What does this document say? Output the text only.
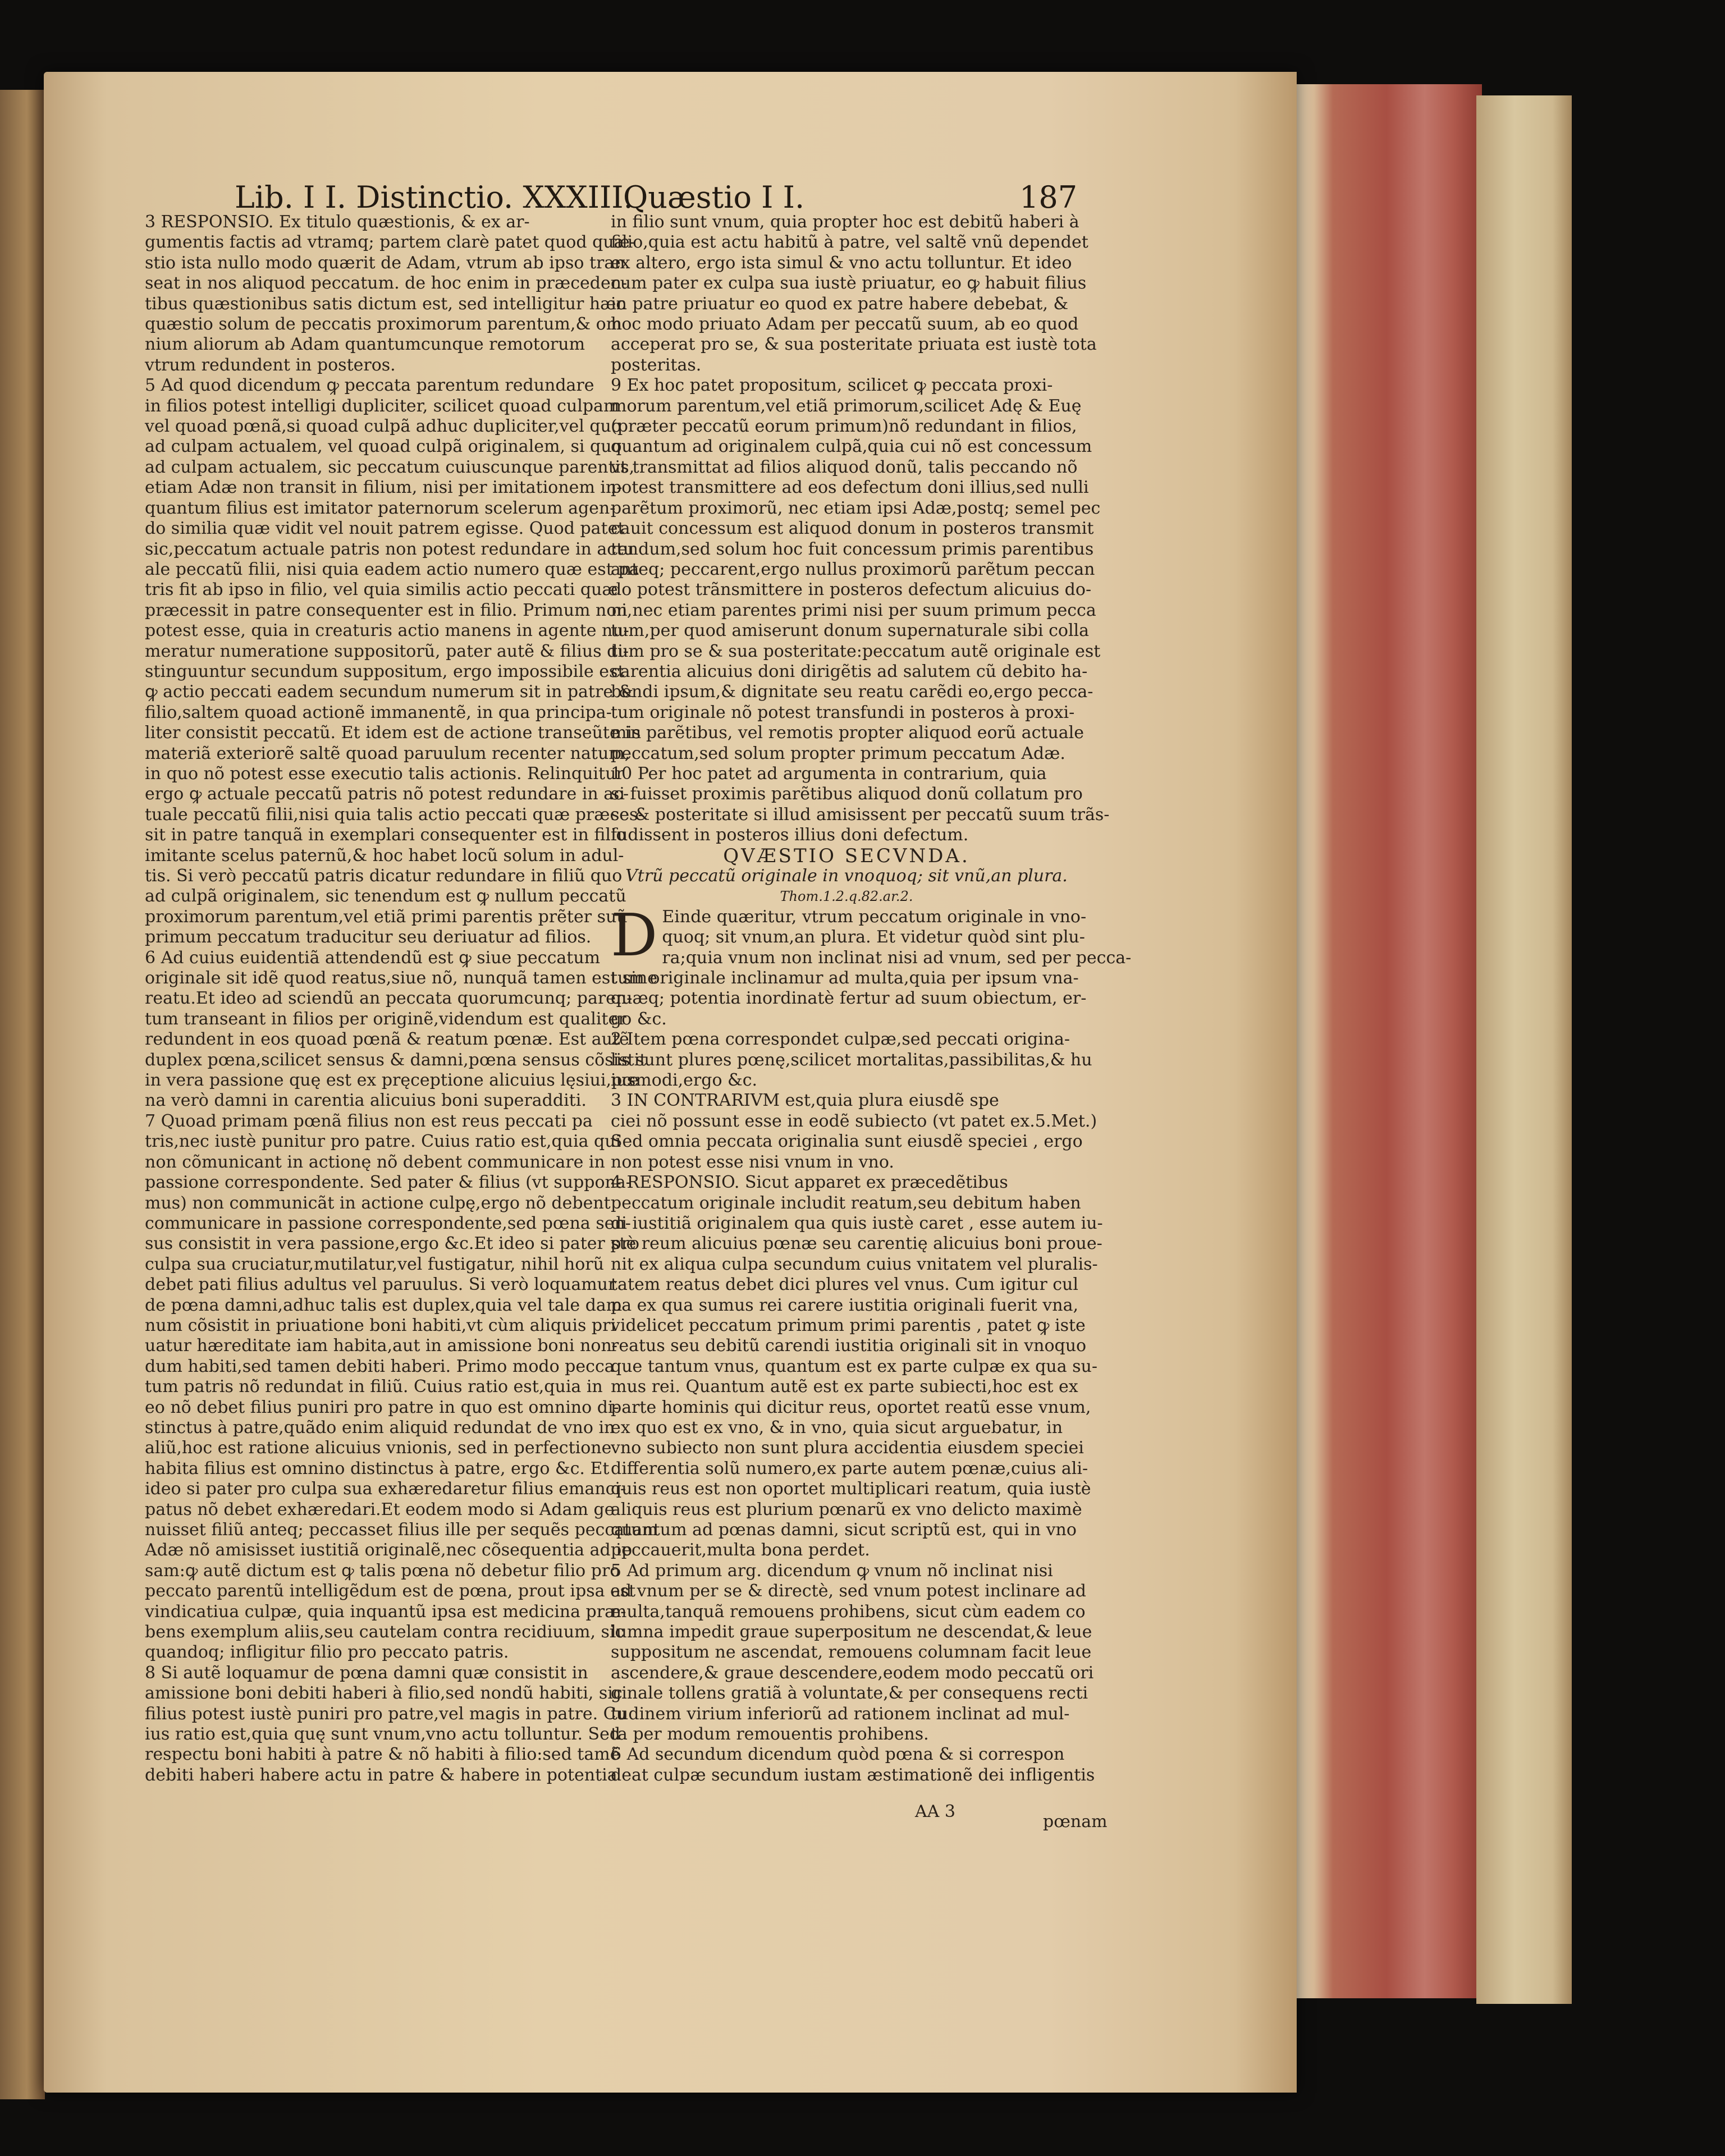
Lib. I I. Distinctio. XXXIII.
Quæstio I I.	187
3 RESPONSIO. Ex titulo quæstionis, & ex ar-
gumentis factis ad vtramq; partem clarè patet quod quæ-
stio ista nullo modo quærit de Adam, vtrum ab ipso tran
seat in nos aliquod peccatum. de hoc enim in præceden-
tibus quæstionibus satis dictum est, sed intelligitur hæc
quæstio solum de peccatis proximorum parentum,& om
nium aliorum ab Adam quantumcunque remotorum
vtrum redundent in posteros.
5 Ad quod dicendum ꝙ peccata parentum redundare
in filios potest intelligi dupliciter, scilicet quoad culpam
vel quoad pœnã,si quoad culpã adhuc dupliciter,vel quo
ad culpam actualem, vel quoad culpã originalem, si quo
ad culpam actualem, sic peccatum cuiuscunque parentis,
etiam Adæ non transit in filium, nisi per imitationem in-
quantum filius est imitator paternorum scelerum agen-
do similia quæ vidit vel nouit patrem egisse. Quod patet
sic,peccatum actuale patris non potest redundare in actu
ale peccatũ filii, nisi quia eadem actio numero quæ est pa
tris fit ab ipso in filio, vel quia similis actio peccati quæ
præcessit in patre consequenter est in filio. Primum non
potest esse, quia in creaturis actio manens in agente nu-
meratur numeratione suppositorũ, pater autẽ & filius di-
stinguuntur secundum suppositum, ergo impossibile est
ꝙ actio peccati eadem secundum numerum sit in patre &
filio,saltem quoad actionẽ immanentẽ, in qua principa-
liter consistit peccatũ. Et idem est de actione transeũte in
materiã exteriorẽ saltẽ quoad paruulum recenter natum,
in quo nõ potest esse executio talis actionis. Relinquitur
ergo ꝙ actuale peccatũ patris nõ potest redundare in ac-
tuale peccatũ filii,nisi quia talis actio peccati quæ præces-
sit in patre tanquã in exemplari consequenter est in filio
imitante scelus paternũ,& hoc habet locũ solum in adul-
tis. Si verò peccatũ patris dicatur redundare in filiũ quo
ad culpã originalem, sic tenendum est ꝙ nullum peccatũ
proximorum parentum,vel etiã primi parentis prẽter suũ
primum peccatum traducitur seu deriuatur ad filios.
6 Ad cuius euidentiã attendendũ est ꝙ siue peccatum
originale sit idẽ quod reatus,siue nõ, nunquã tamen est sine
reatu.Et ideo ad sciendũ an peccata quorumcunq; paren-
tum transeant in filios per originẽ,videndum est qualiter
redundent in eos quoad pœnã & reatum pœnæ. Est autẽ
duplex pœna,scilicet sensus & damni,pœna sensus cõsistit
in vera passione quę est ex pręceptione alicuius lęsiui,pœ
na verò damni in carentia alicuius boni superadditi.
7 Quoad primam pœnã filius non est reus peccati pa
tris,nec iustè punitur pro patre. Cuius ratio est,quia qui
non cõmunicant in actionę nõ debent communicare in
passione correspondente. Sed pater & filius (vt suppona-
mus) non communicãt in actione culpę,ergo nõ debent
communicare in passione correspondente,sed pœna sen-
sus consistit in vera passione,ergo &c.Et ideo si pater pro
culpa sua cruciatur,mutilatur,vel fustigatur, nihil horũ
debet pati filius adultus vel paruulus. Si verò loquamur
de pœna damni,adhuc talis est duplex,quia vel tale dam
num cõsistit in priuatione boni habiti,vt cùm aliquis pri
uatur hæreditate iam habita,aut in amissione boni non-
dum habiti,sed tamen debiti haberi. Primo modo pecca
tum patris nõ redundat in filiũ. Cuius ratio est,quia in
eo nõ debet filius puniri pro patre in quo est omnino di-
stinctus à patre,quãdo enim aliquid redundat de vno in
aliũ,hoc est ratione alicuius vnionis, sed in perfectione
habita filius est omnino distinctus à patre, ergo &c. Et
ideo si pater pro culpa sua exhæredaretur filius emanci-
patus nõ debet exhæredari.Et eodem modo si Adam ge
nuisset filiũ anteq; peccasset filius ille per sequẽs peccatum
Adæ nõ amisisset iustitiã originalẽ,nec cõsequentia ad ip
sam:ꝙ autẽ dictum est ꝙ talis pœna nõ debetur filio pro
peccato parentũ intelligẽdum est de pœna, prout ipsa est
vindicatiua culpæ, quia inquantũ ipsa est medicina præ-
bens exemplum aliis,seu cautelam contra recidiuum, sic
quandoq; infligitur filio pro peccato patris.
8 Si autẽ loquamur de pœna damni quæ consistit in
amissione boni debiti haberi à filio,sed nondũ habiti, sic
filius potest iustè puniri pro patre,vel magis in patre. Cu
ius ratio est,quia quę sunt vnum,vno actu tolluntur. Sed
respectu boni habiti à patre & nõ habiti à filio:sed tamẽ
debiti haberi habere actu in patre & habere in potentia
in filio sunt vnum, quia propter hoc est debitũ haberi à
filio,quia est actu habitũ à patre, vel saltẽ vnũ dependet
ex altero, ergo ista simul & vno actu tolluntur. Et ideo
cum pater ex culpa sua iustè priuatur, eo ꝙ habuit filius
in patre priuatur eo quod ex patre habere debebat, &
hoc modo priuato Adam per peccatũ suum, ab eo quod
acceperat pro se, & sua posteritate priuata est iustè tota
posteritas.
9 Ex hoc patet propositum, scilicet ꝙ peccata proxi-
morum parentum,vel etiã primorum,scilicet Adę & Euę
(præter peccatũ eorum primum)nõ redundant in filios,
quantum ad originalem culpã,quia cui nõ est concessum
vt transmittat ad filios aliquod donũ, talis peccando nõ
potest transmittere ad eos defectum doni illius,sed nulli
parẽtum proximorũ, nec etiam ipsi Adæ,postq; semel pec
cauit concessum est aliquod donum in posteros transmit
tendum,sed solum hoc fuit concessum primis parentibus
anteq; peccarent,ergo nullus proximorũ parẽtum peccan
do potest trãnsmittere in posteros defectum alicuius do-
ni,nec etiam parentes primi nisi per suum primum pecca
tum,per quod amiserunt donum supernaturale sibi colla
tum pro se & sua posteritate:peccatum autẽ originale est
carentia alicuius doni dirigẽtis ad salutem cũ debito ha-
bendi ipsum,& dignitate seu reatu carẽdi eo,ergo pecca-
tum originale nõ potest transfundi in posteros à proxi-
mis parẽtibus, vel remotis propter aliquod eorũ actuale
peccatum,sed solum propter primum peccatum Adæ.
10 Per hoc patet ad argumenta in contrarium, quia
si fuisset proximis parẽtibus aliquod donũ collatum pro
se & posteritate si illud amisissent per peccatũ suum trãs-
fudissent in posteros illius doni defectum.
QVÆSTIO SECVNDA.
Vtrũ peccatũ originale in vnoquoq; sit vnũ,an plura.
Thom.1.2.q.82.ar.2.
D Einde quæritur, vtrum peccatum originale in vno-
quoq; sit vnum,an plura. Et videtur quòd sint plu-
ra;quia vnum non inclinat nisi ad vnum, sed per pecca-
tum originale inclinamur ad multa,quia per ipsum vna-
quæq; potentia inordinatè fertur ad suum obiectum, er-
go &c.
2 Item pœna correspondet culpæ,sed peccati origina-
lis sunt plures pœnę,scilicet mortalitas,passibilitas,& hu
iusmodi,ergo &c.
3 IN CONTRARIVM est,quia plura eiusdẽ spe
ciei nõ possunt esse in eodẽ subiecto (vt patet ex.5.Met.)
Sed omnia peccata originalia sunt eiusdẽ speciei , ergo
non potest esse nisi vnum in vno.
4 RESPONSIO. Sicut apparet ex præcedẽtibus
peccatum originale includit reatum,seu debitum haben
di iustitiã originalem qua quis iustè caret , esse autem iu-
stè reum alicuius pœnæ seu carentię alicuius boni proue-
nit ex aliqua culpa secundum cuius vnitatem vel pluralis-
tatem reatus debet dici plures vel vnus. Cum igitur cul
pa ex qua sumus rei carere iustitia originali fuerit vna,
videlicet peccatum primum primi parentis , patet ꝙ iste
reatus seu debitũ carendi iustitia originali sit in vnoquo
que tantum vnus, quantum est ex parte culpæ ex qua su-
mus rei. Quantum autẽ est ex parte subiecti,hoc est ex
parte hominis qui dicitur reus, oportet reatũ esse vnum,
ex quo est ex vno, & in vno, quia sicut arguebatur, in
vno subiecto non sunt plura accidentia eiusdem speciei
differentia solũ numero,ex parte autem pœnæ,cuius ali-
quis reus est non oportet multiplicari reatum, quia iustè
aliquis reus est plurium pœnarũ ex vno delicto maximè
quantum ad pœnas damni, sicut scriptũ est, qui in vno
peccauerit,multa bona perdet.
5 Ad primum arg. dicendum ꝙ vnum nõ inclinat nisi
ad vnum per se & directè, sed vnum potest inclinare ad
multa,tanquã remouens prohibens, sicut cùm eadem co
lumna impedit graue superpositum ne descendat,& leue
suppositum ne ascendat, remouens columnam facit leue
ascendere,& graue descendere,eodem modo peccatũ ori
ginale tollens gratiã à voluntate,& per consequens recti
tudinem virium inferiorũ ad rationem inclinat ad mul-
ta per modum remouentis prohibens.
6 Ad secundum dicendum quòd pœna & si correspon
deat culpæ secundum iustam æstimationẽ dei infligentis
AA 3
pœnam
